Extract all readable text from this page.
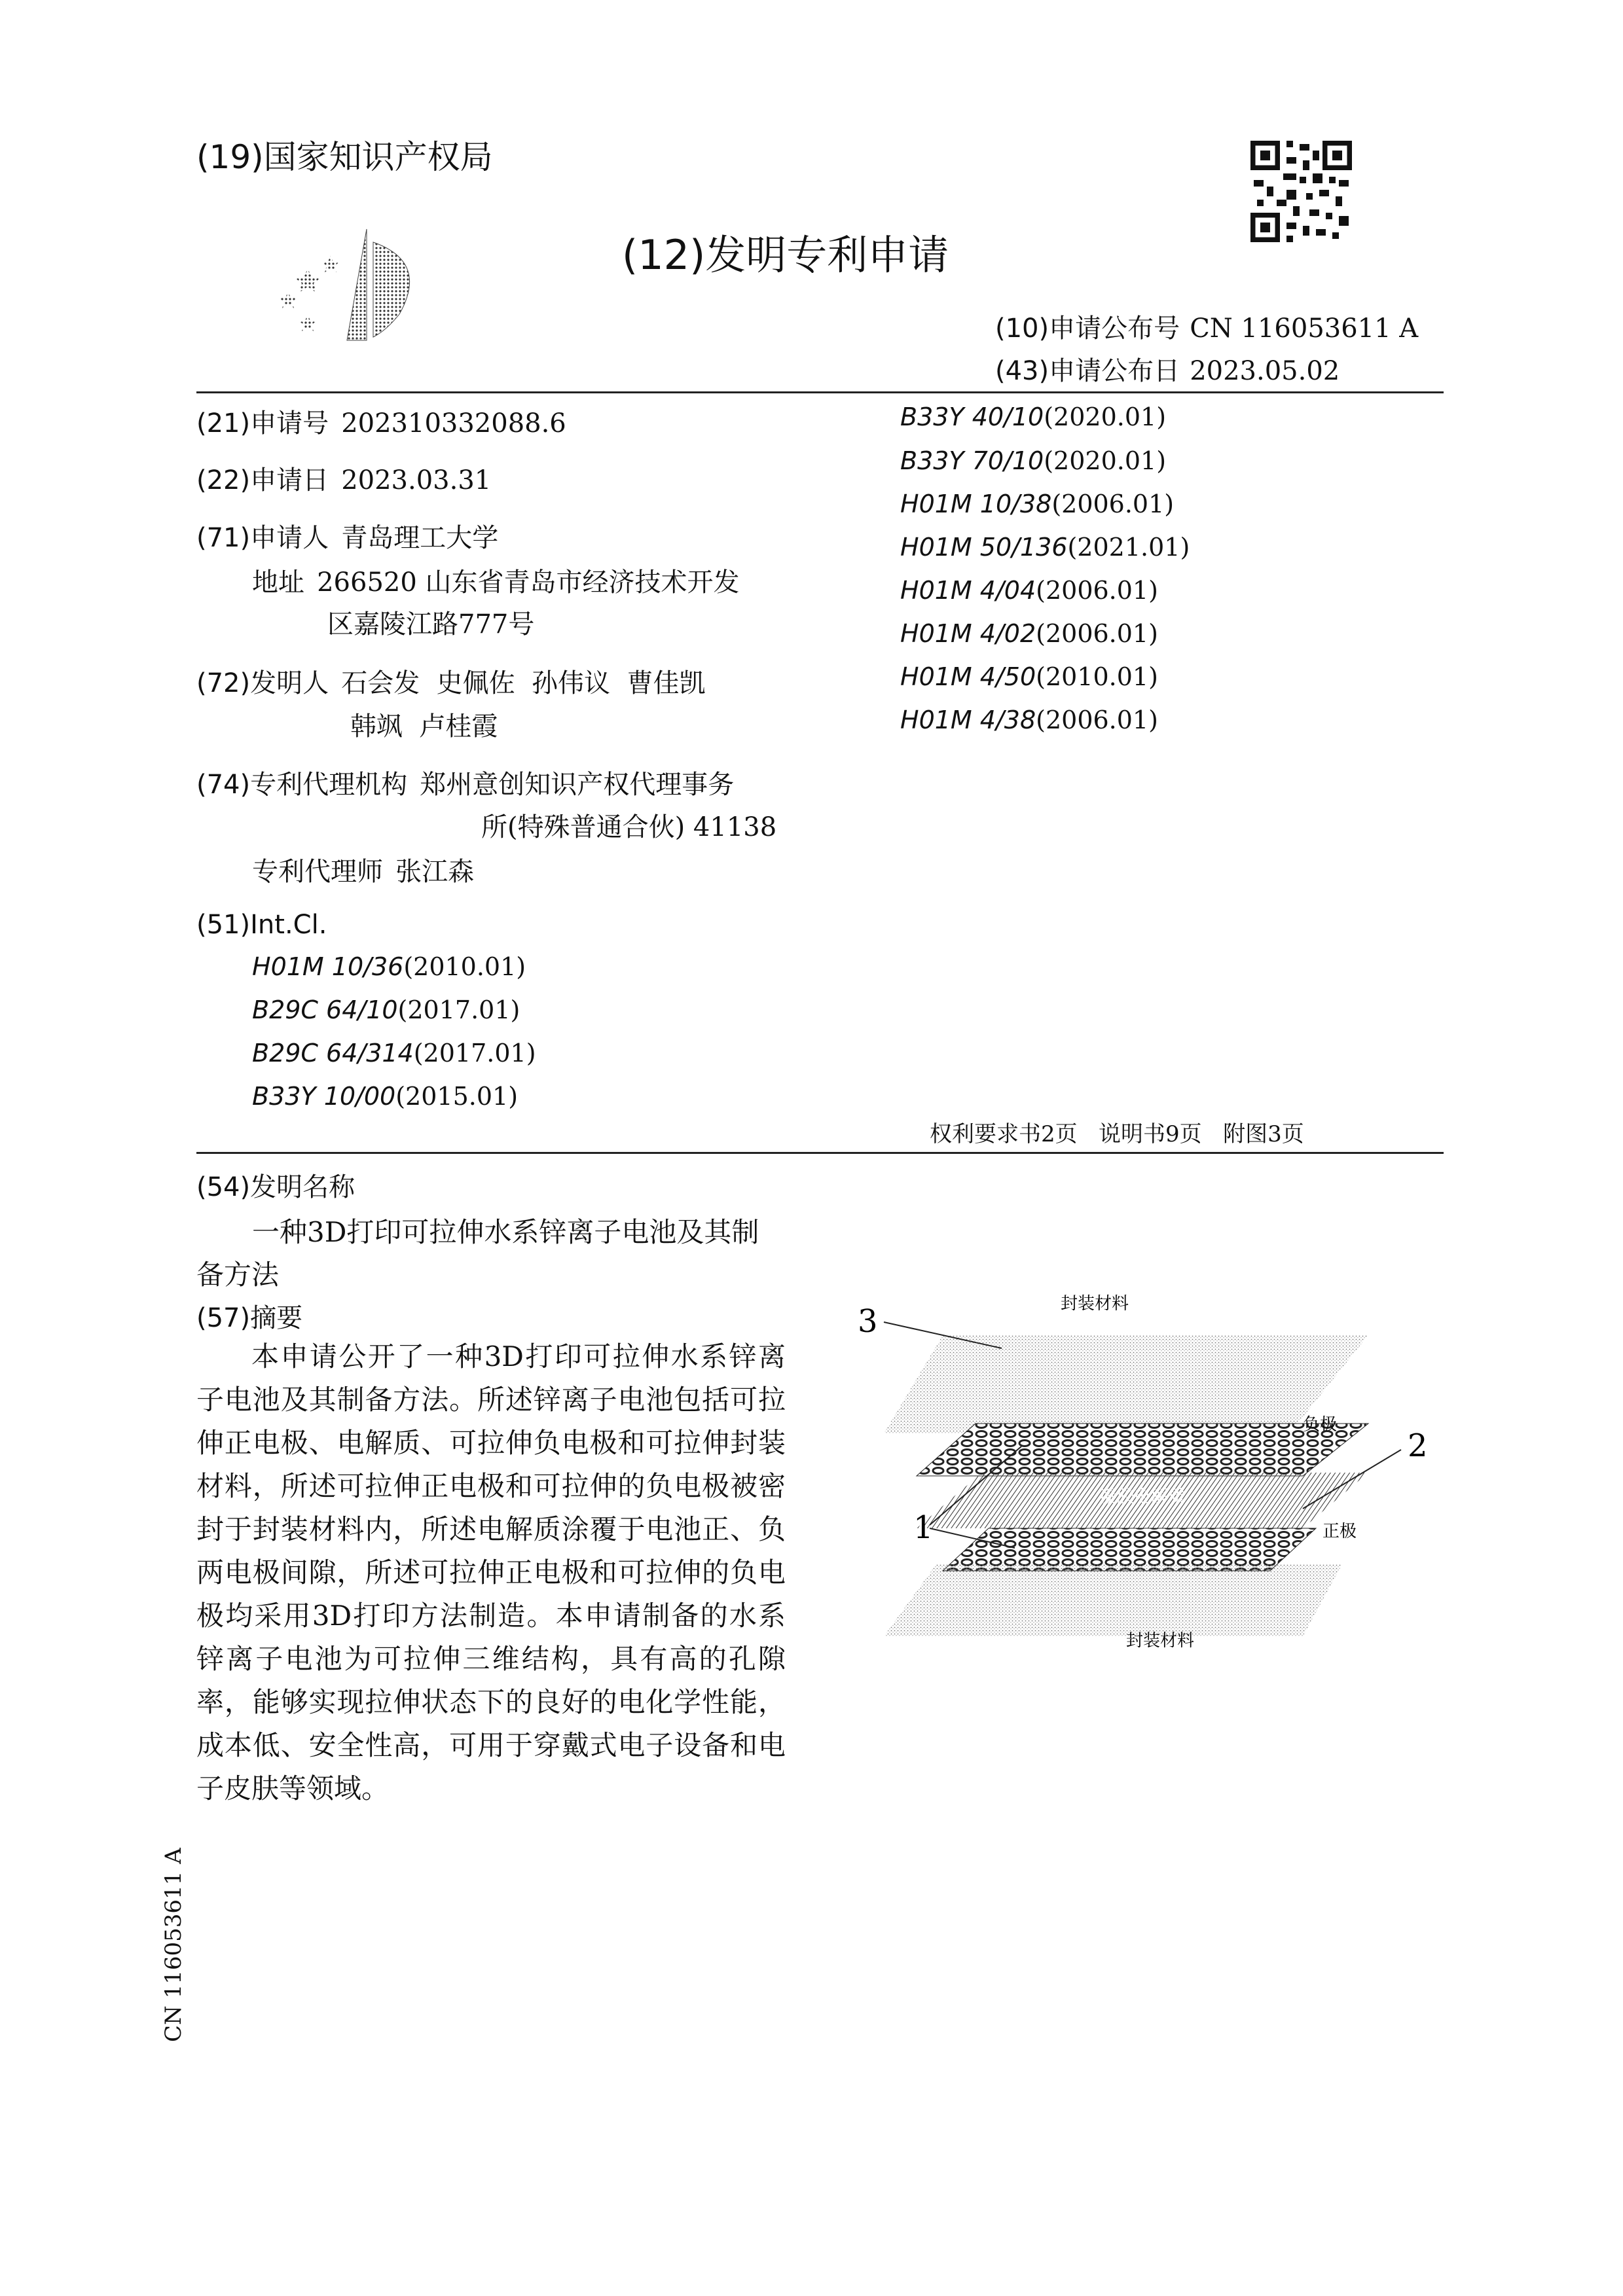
(19)国家知识产权局
(12)发明专利申请
(10)申请公布号 CN 116053611 A
(43)申请公布日 2023.05.02
(21)申请号 202310332088.6
(22)申请日 2023.03.31
(71)申请人 青岛理工大学
地址 266520 山东省青岛市经济技术开发
区嘉陵江路777号
(72)发明人 石会发  史佩佐  孙伟议  曹佳凯
韩飒  卢桂霞
(74)专利代理机构 郑州意创知识产权代理事务
所(特殊普通合伙) 41138
专利代理师 张江森
(51)Int.Cl.
H01M 10/36(2010.01)
B29C 64/10(2017.01)
B29C 64/314(2017.01)
B33Y 10/00(2015.01)
B33Y 40/10(2020.01)
B33Y 70/10(2020.01)
H01M 10/38(2006.01)
H01M 50/136(2021.01)
H01M 4/04(2006.01)
H01M 4/02(2006.01)
H01M 4/50(2010.01)
H01M 4/38(2006.01)
权利要求书2页   说明书9页   附图3页
(54)发明名称
一种3D打印可拉伸水系锌离子电池及其制
备方法
(57)摘要
本申请公开了一种3D打印可拉伸水系锌离子电池及其制备方法。所述锌离子电池包括可拉伸正电极、电解质、可拉伸负电极和可拉伸封装材料，所述可拉伸正电极和可拉伸的负电极被密封于封装材料内，所述电解质涂覆于电池正、负两电极间隙，所述可拉伸正电极和可拉伸的负电极均采用3D打印方法制造。本申请制备的水系锌离子电池为可拉伸三维结构，具有高的孔隙率，能够实现拉伸状态下的良好的电化学性能，成本低、安全性高，可用于穿戴式电子设备和电子皮肤等领域。
封装材料
封装材料
负极
正极
凝胶电解质
3
2
1
CN 116053611 A
